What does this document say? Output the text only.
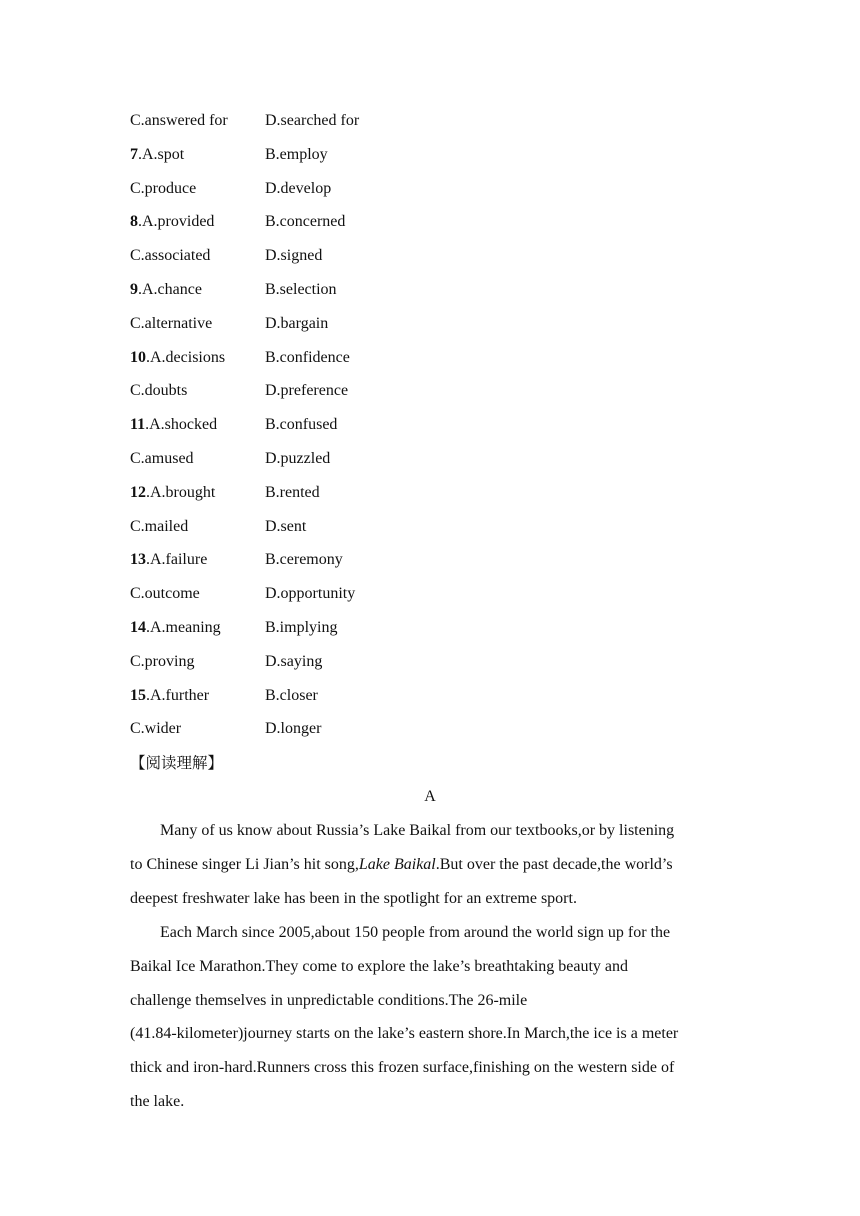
C.answered for D.searched for
7.A.spot	B.employ
C.produce	D.develop
8.A.provided	B.concerned
C.associated	D.signed
9.A.chance	B.selection
C.alternative	D.bargain
10.A.decisions B.confidence
C.doubts	D.preference
11.A.shocked	B.confused
C.amused	D.puzzled
12.A.brought	B.rented
C.mailed	D.sent
13.A.failure	B.ceremony
C.outcome	D.opportunity
14.A.meaning	B.implying
C.proving	D.saying
15.A.further	B.closer
C.wider	D.longer
【阅读理解】
A
Many of us know about Russia’s Lake Baikal from our textbooks,or by listening
to Chinese singer Li Jian’s hit song,Lake Baikal.But over the past decade,the world’s
deepest freshwater lake has been in the spotlight for an extreme sport.
Each March since 2005,about 150 people from around the world sign up for the
Baikal Ice Marathon.They come to explore the lake’s breathtaking beauty and
challenge themselves in unpredictable conditions.The 26-mile
(41.84-kilometer)journey starts on the lake’s eastern shore.In March,the ice is a meter
thick and iron-hard.Runners cross this frozen surface,finishing on the western side of
the lake.
